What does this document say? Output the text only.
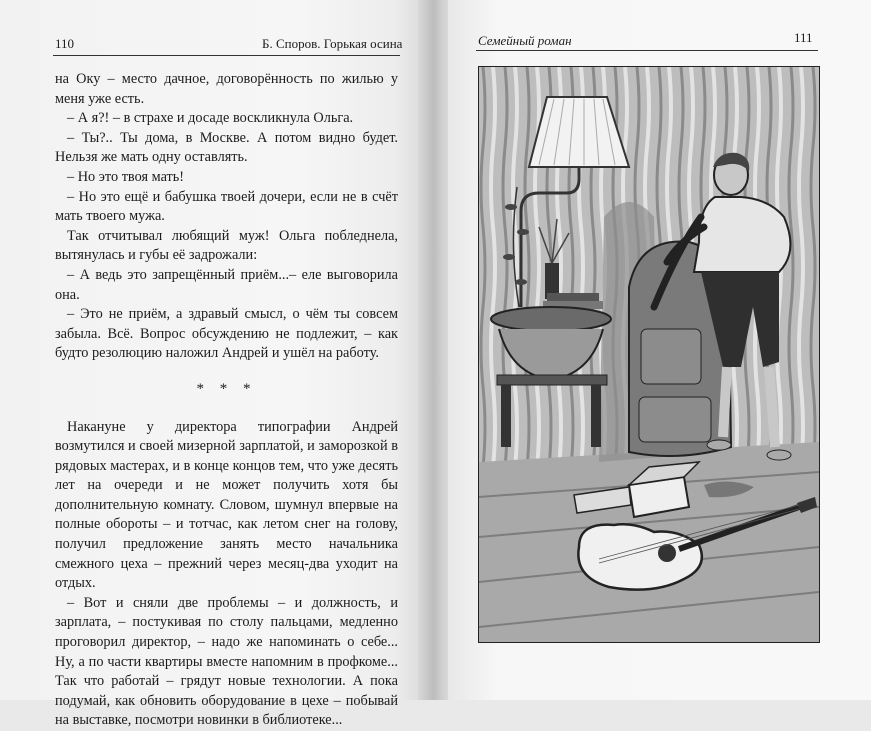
110	Б. Споров. Горькая осина

на Оку – место дачное, договорённость по жилью у меня уже есть.

– А я?! – в страхе и досаде воскликнула Ольга.

– Ты?.. Ты дома, в Москве. А потом видно будет. Нельзя же мать одну оставлять.

– Но это твоя мать!

– Но это ещё и бабушка твоей дочери, если не в счёт мать твоего мужа.

Так отчитывал любящий муж! Ольга побледнела, вытянулась и губы её задрожали:

– А ведь это запрещённый приём...– еле выговорила она.

– Это не приём, а здравый смысл, о чём ты совсем забыла. Всё. Вопрос обсуждению не подлежит, – как будто резолюцию наложил Андрей и ушёл на работу.

* * *

Накануне у директора типографии Андрей возмутился и своей мизерной зарплатой, и заморозкой в рядовых мастерах, и в конце концов тем, что уже десять лет на очереди и не может получить хотя бы дополнительную комнату. Словом, шумнул впервые на полные обороты – и тотчас, как летом снег на голову, получил предложение занять место начальника смежного цеха – прежний через месяц-два уходит на отдых.

– Вот и сняли две проблемы – и должность, и зарплата, – постукивая по столу пальцами, медленно проговорил директор, – надо же напоминать о себе... Ну, а по части квартиры вместе напомним в профкоме... Так что работай – грядут новые технологии. А пока подумай, как обновить оборудование в цехе – побывай на выставке, посмотри новинки в библиотеке...

Семейный роман	111
